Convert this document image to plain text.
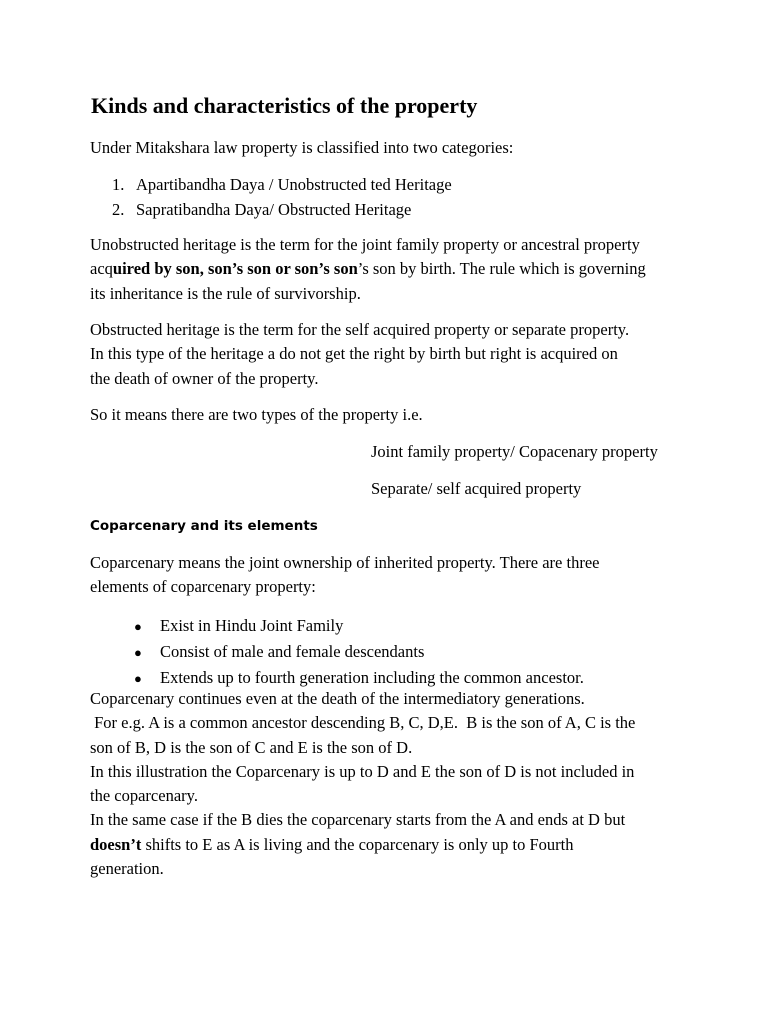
Kinds and characteristics of the property

Under Mitakshara law property is classified into two categories:

1. Apartibandha Daya / Unobstructed ted Heritage
2. Sapratibandha Daya/ Obstructed Heritage

Unobstructed heritage is the term for the joint family property or ancestral property
acquired by son, son’s son or son’s son’s son by birth. The rule which is governing
its inheritance is the rule of survivorship.

Obstructed heritage is the term for the self acquired property or separate property.
In this type of the heritage a do not get the right by birth but right is acquired on
the death of owner of the property.

So it means there are two types of the property i.e.

Joint family property/ Copacenary property

Separate/ self acquired property

Coparcenary and its elements

Coparcenary means the joint ownership of inherited property. There are three
elements of coparcenary property:

● Exist in Hindu Joint Family
● Consist of male and female descendants
● Extends up to fourth generation including the common ancestor.

Coparcenary continues even at the death of the intermediatory generations.
For e.g. A is a common ancestor descending B, C, D,E.  B is the son of A, C is the
son of B, D is the son of C and E is the son of D.
In this illustration the Coparcenary is up to D and E the son of D is not included in
the coparcenary.
In the same case if the B dies the coparcenary starts from the A and ends at D but
doesn’t shifts to E as A is living and the coparcenary is only up to Fourth
generation.
